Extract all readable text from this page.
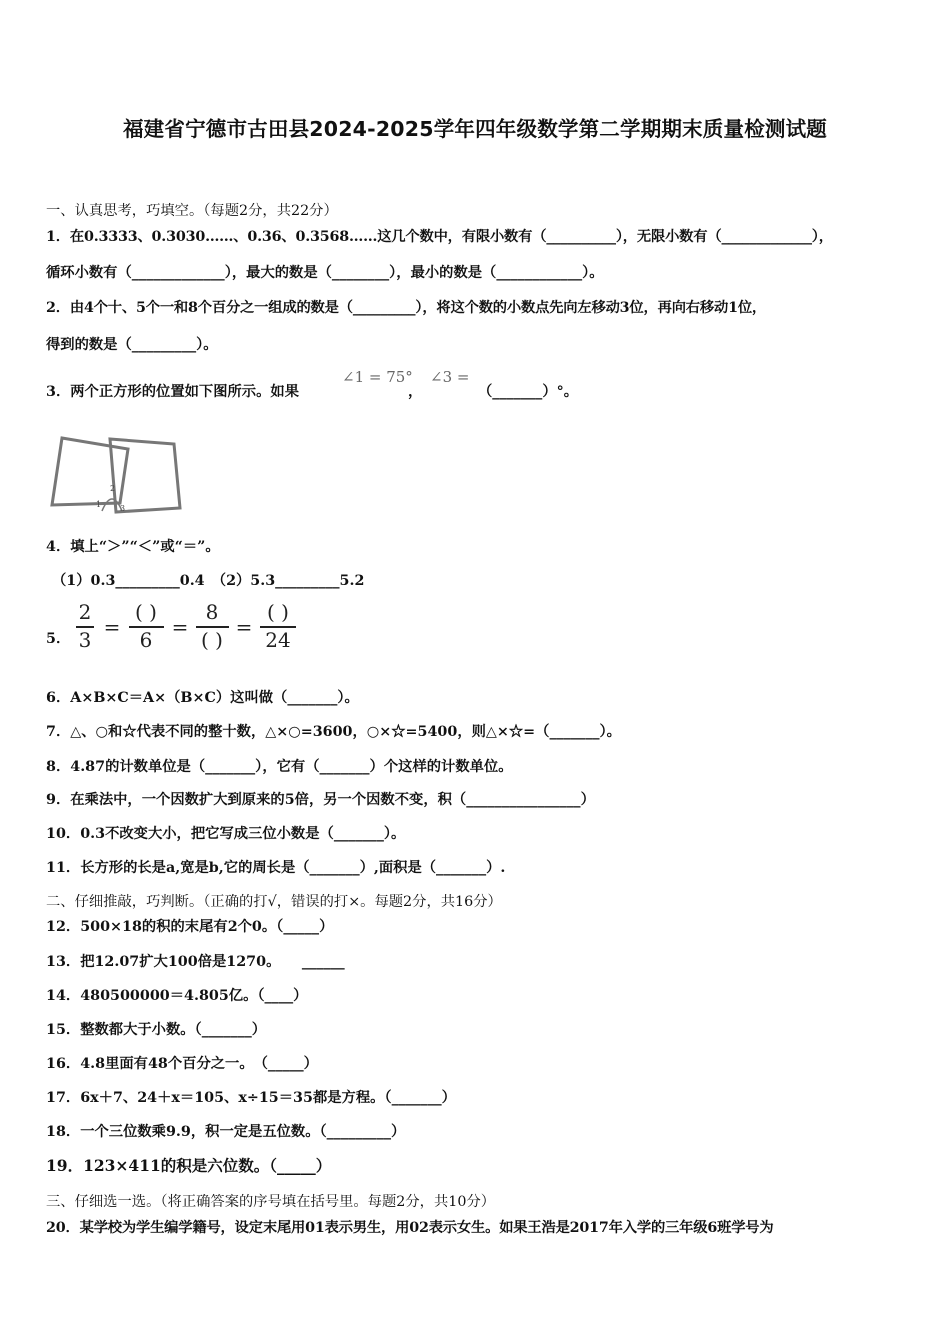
福建省宁德市古田县2024-2025学年四年级数学第二学期期末质量检测试题
一、认真思考，巧填空。（每题2分，共22分）
1．在0.3333、0.3030……、0.36、0.3568……这几个数中，有限小数有（__________），无限小数有（_____________），
循环小数有（_____________），最大的数是（________），最小的数是（____________）。
2．由4个十、5个一和8个百分之一组成的数是（_________），将这个数的小数点先向左移动3位，再向右移动1位，
得到的数是（_________）。
3．两个正方形的位置如下图所示。如果
∠1 = 75°
，
∠3 =
（_______）°。
1
2
3
4．填上“＞”“＜”或“＝”。
（1）0.3_________0.4　（2）5.3_________5.2
5．
2
3
=
( )
6
=
8
( )
=
( )
24
6．A×B×C＝A×（B×C）这叫做（_______）。
7．△、○和☆代表不同的整十数，△×○=3600，○×☆=5400，则△×☆=（_______）。
8．4.87的计数单位是（_______），它有（_______）个这样的计数单位。
9．在乘法中，一个因数扩大到原来的5倍，另一个因数不变，积（________________）
10．0.3不改变大小，把它写成三位小数是（_______）。
11．长方形的长是a,宽是b,它的周长是（_______）,面积是（_______）.
二、仔细推敲，巧判断。（正确的打√，错误的打×。每题2分，共16分）
12．500×18的积的末尾有2个0。（_____）
13．把12.07扩大100倍是1270。　　______
14．480500000＝4.805亿。（____）
15．整数都大于小数。（_______）
16．4.8里面有48个百分之一。　（_____）
17．6x＋7、24＋x＝105、x÷15＝35都是方程。（_______）
18．一个三位数乘9.9，积一定是五位数。（_________）
19．123×411的积是六位数。（_____）
三、仔细选一选。（将正确答案的序号填在括号里。每题2分，共10分）
20．某学校为学生编学籍号，设定末尾用01表示男生，用02表示女生。如果王浩是2017年入学的三年级6班学号为
